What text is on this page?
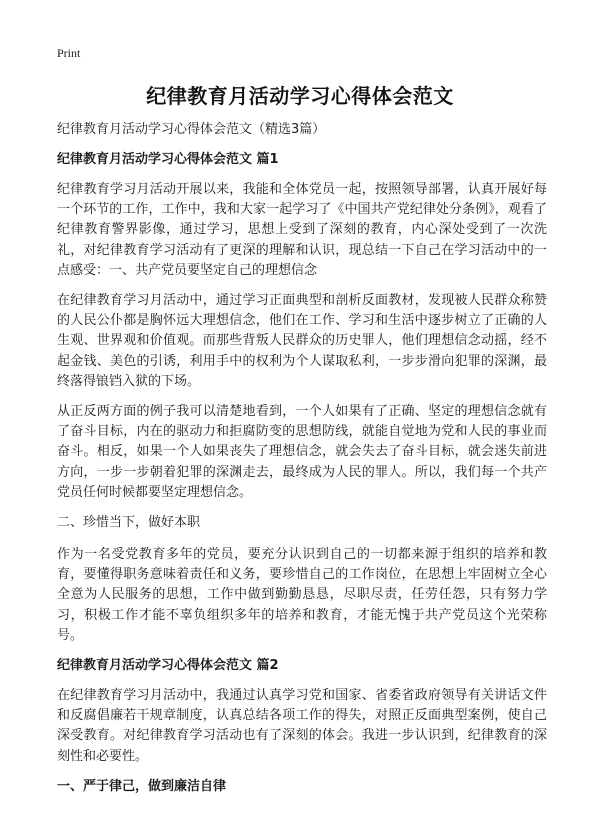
Print
纪律教育月活动学习心得体会范文
纪律教育月活动学习心得体会范文（精选3篇）
纪律教育月活动学习心得体会范文 篇1
纪律教育学习月活动开展以来，我能和全体党员一起，按照领导部署，认真开展好每一个环节的工作，工作中，我和大家一起学习了《中国共产党纪律处分条例》，观看了纪律教育警界影像，通过学习，思想上受到了深刻的教育，内心深处受到了一次洗礼，对纪律教育学习活动有了更深的理解和认识，现总结一下自己在学习活动中的一点感受：一、共产党员要坚定自己的理想信念
在纪律教育学习月活动中，通过学习正面典型和剖析反面教材，发现被人民群众称赞的人民公仆都是胸怀远大理想信念，他们在工作、学习和生活中逐步树立了正确的人生观、世界观和价值观。而那些背叛人民群众的历史罪人，他们理想信念动摇，经不起金钱、美色的引诱，利用手中的权利为个人谋取私利，一步步滑向犯罪的深渊，最终落得锒铛入狱的下场。
从正反两方面的例子我可以清楚地看到，一个人如果有了正确、坚定的理想信念就有了奋斗目标，内在的驱动力和拒腐防变的思想防线，就能自觉地为党和人民的事业而奋斗。相反，如果一个人如果丧失了理想信念，就会失去了奋斗目标，就会迷失前进方向，一步一步朝着犯罪的深渊走去，最终成为人民的罪人。所以，我们每一个共产党员任何时候都要坚定理想信念。
二、珍惜当下，做好本职
作为一名受党教育多年的党员，要充分认识到自己的一切都来源于组织的培养和教育，要懂得职务意味着责任和义务，要珍惜自己的工作岗位，在思想上牢固树立全心全意为人民服务的思想，工作中做到勤勤恳恳，尽职尽责，任劳任怨，只有努力学习，积极工作才能不辜负组织多年的培养和教育，才能无愧于共产党员这个光荣称号。
纪律教育月活动学习心得体会范文 篇2
在纪律教育学习月活动中，我通过认真学习党和国家、省委省政府领导有关讲话文件和反腐倡廉若干规章制度，认真总结各项工作的得失，对照正反面典型案例，使自己深受教育。对纪律教育学习活动也有了深刻的体会。我进一步认识到，纪律教育的深刻性和必要性。
一、严于律己，做到廉洁自律
